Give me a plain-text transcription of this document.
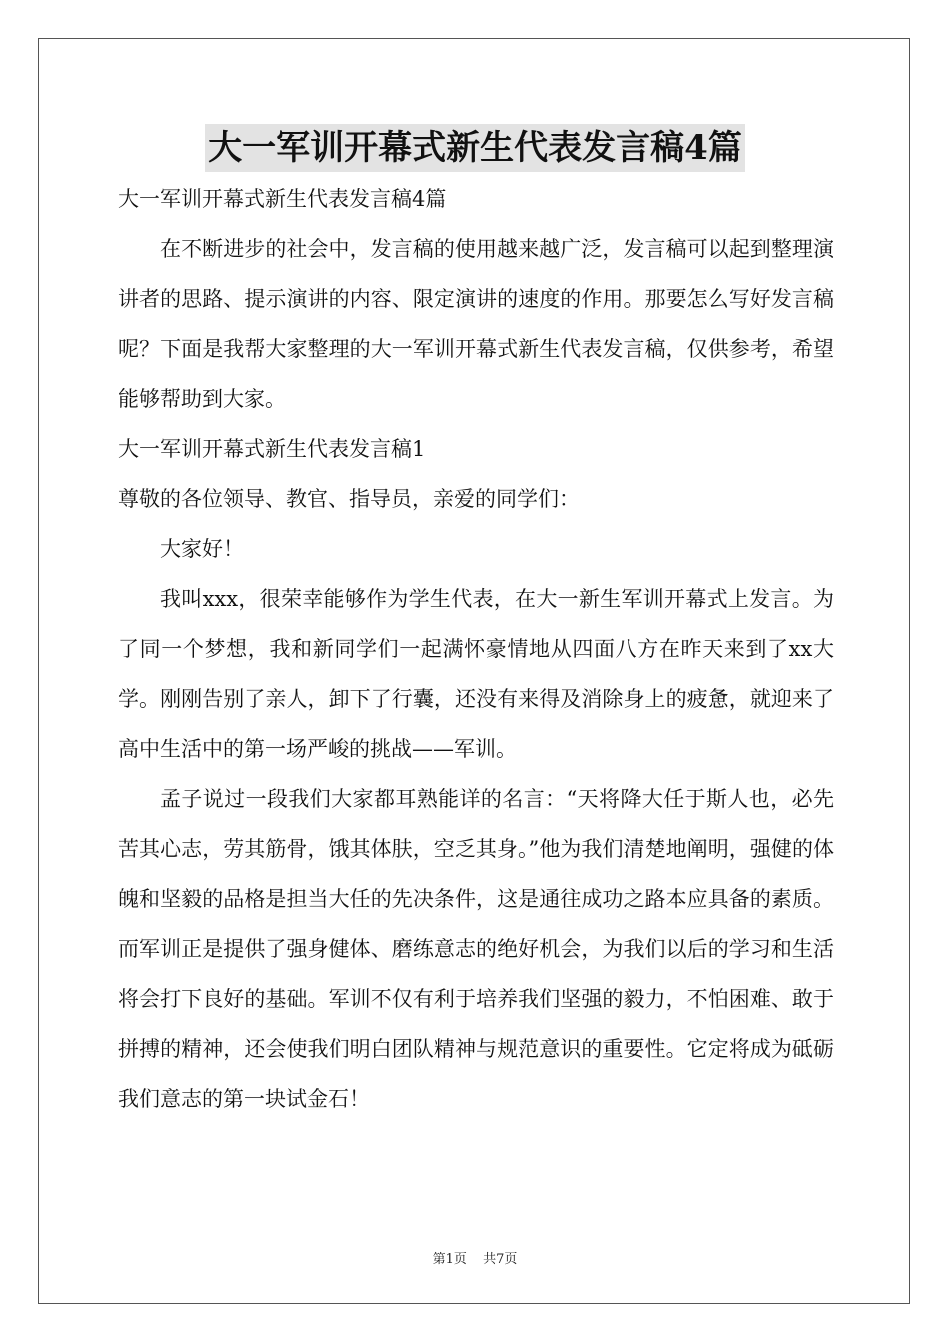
大一军训开幕式新生代表发言稿4篇

大一军训开幕式新生代表发言稿4篇

在不断进步的社会中，发言稿的使用越来越广泛，发言稿可以起到整理演讲者的思路、提示演讲的内容、限定演讲的速度的作用。那要怎么写好发言稿呢？下面是我帮大家整理的大一军训开幕式新生代表发言稿，仅供参考，希望能够帮助到大家。

大一军训开幕式新生代表发言稿1

尊敬的各位领导、教官、指导员，亲爱的同学们：

大家好！

我叫xxx，很荣幸能够作为学生代表，在大一新生军训开幕式上发言。为了同一个梦想，我和新同学们一起满怀豪情地从四面八方在昨天来到了xx大学。刚刚告别了亲人，卸下了行囊，还没有来得及消除身上的疲惫，就迎来了高中生活中的第一场严峻的挑战——军训。

孟子说过一段我们大家都耳熟能详的名言：“天将降大任于斯人也，必先苦其心志，劳其筋骨，饿其体肤，空乏其身。”他为我们清楚地阐明，强健的体魄和坚毅的品格是担当大任的先决条件，这是通往成功之路本应具备的素质。而军训正是提供了强身健体、磨练意志的绝好机会，为我们以后的学习和生活将会打下良好的基础。军训不仅有利于培养我们坚强的毅力，不怕困难、敢于拼搏的精神，还会使我们明白团队精神与规范意识的重要性。它定将成为砥砺我们意志的第一块试金石！

第1页 共7页
